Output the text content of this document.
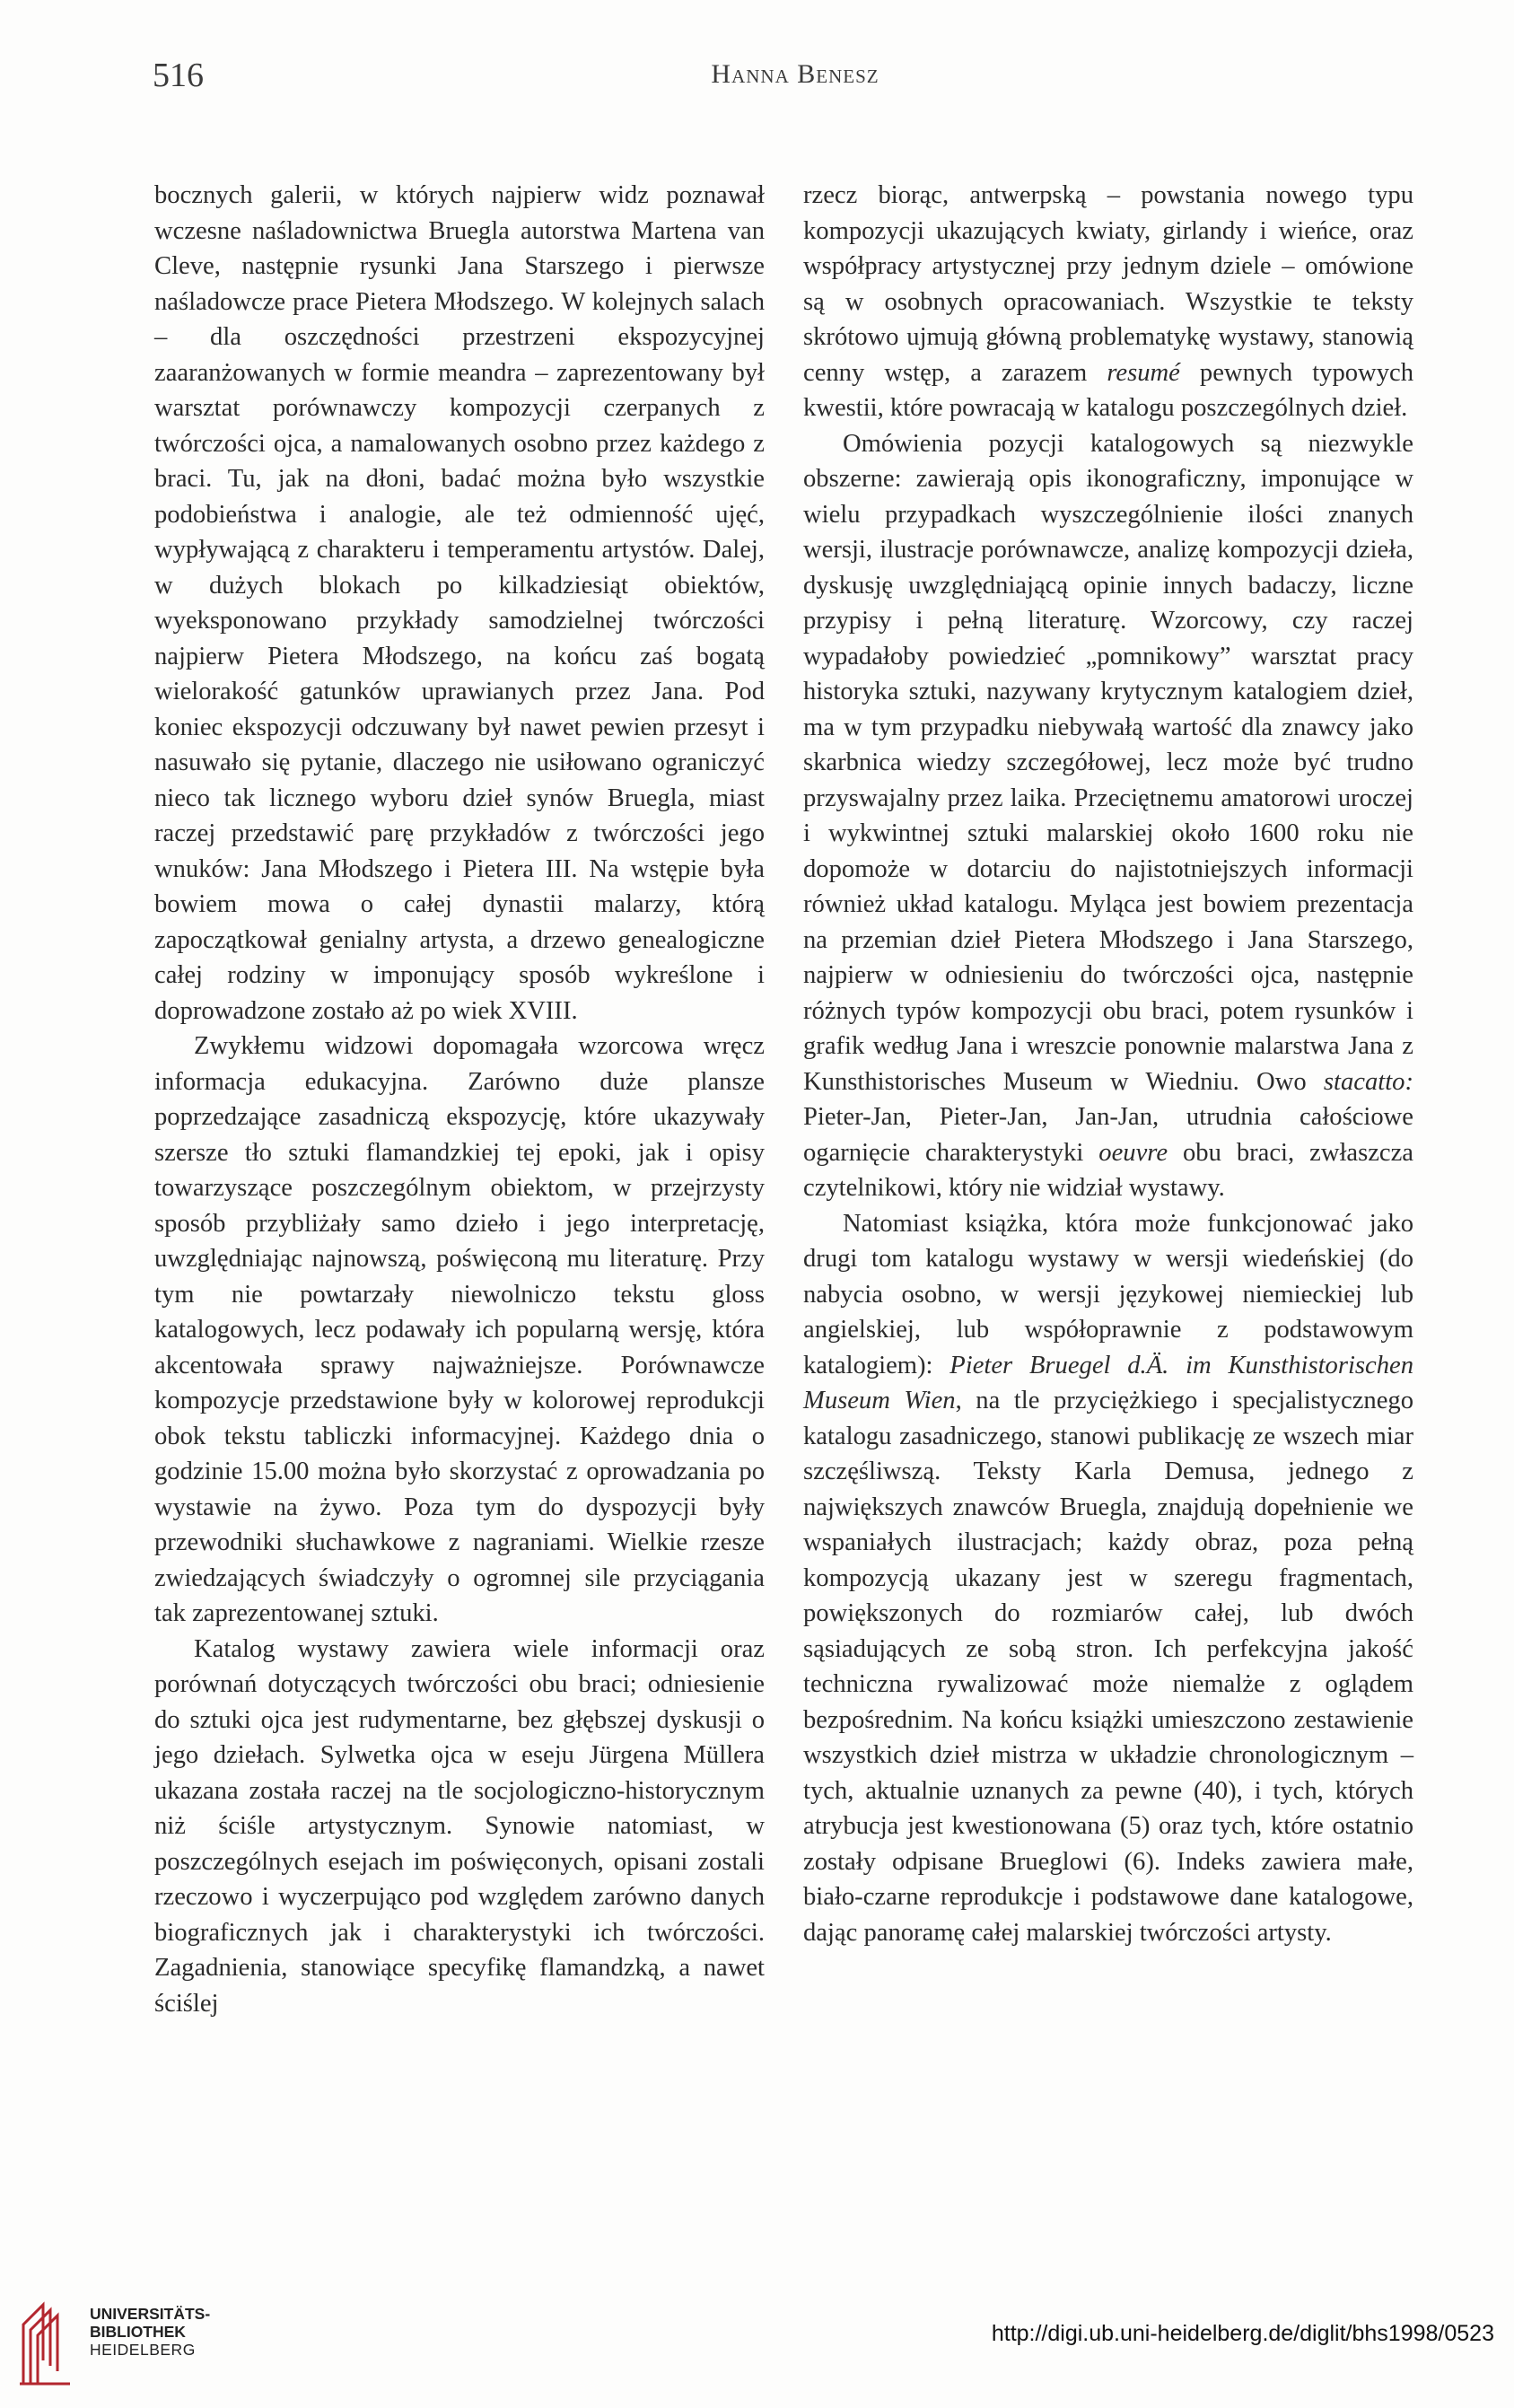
516	Hanna Benesz

bocznych galerii, w których najpierw widz poznawał wczesne naśladownictwa Bruegla autorstwa Martena van Cleve, następnie rysunki Jana Starszego i pierwsze naśladowcze prace Pietera Młodszego. W kolejnych salach – dla oszczędności przestrzeni ekspozycyjnej zaaranżowanych w formie meandra – zaprezentowany był warsztat porównawczy kompozycji czerpanych z twórczości ojca, a namalowanych osobno przez każdego z braci. Tu, jak na dłoni, badać można było wszystkie podobieństwa i analogie, ale też odmienność ujęć, wypływającą z charakteru i temperamentu artystów. Dalej, w dużych blokach po kilkadziesiąt obiektów, wyeksponowano przykłady samodzielnej twórczości najpierw Pietera Młodszego, na końcu zaś bogatą wielorakość gatunków uprawianych przez Jana. Pod koniec ekspozycji odczuwany był nawet pewien przesyt i nasuwało się pytanie, dlaczego nie usiłowano ograniczyć nieco tak licznego wyboru dzieł synów Bruegla, miast raczej przedstawić parę przykładów z twórczości jego wnuków: Jana Młodszego i Pietera III. Na wstępie była bowiem mowa o całej dynastii malarzy, którą zapoczątkował genialny artysta, a drzewo genealogiczne całej rodziny w imponujący sposób wykreślone i doprowadzone zostało aż po wiek XVIII.

Zwykłemu widzowi dopomagała wzorcowa wręcz informacja edukacyjna. Zarówno duże plansze poprzedzające zasadniczą ekspozycję, które ukazywały szersze tło sztuki flamandzkiej tej epoki, jak i opisy towarzyszące poszczególnym obiektom, w przejrzysty sposób przybliżały samo dzieło i jego interpretację, uwzględniając najnowszą, poświęconą mu literaturę. Przy tym nie powtarzały niewolniczo tekstu gloss katalogowych, lecz podawały ich popularną wersję, która akcentowała sprawy najważniejsze. Porównawcze kompozycje przedstawione były w kolorowej reprodukcji obok tekstu tabliczki informacyjnej. Każdego dnia o godzinie 15.00 można było skorzystać z oprowadzania po wystawie na żywo. Poza tym do dyspozycji były przewodniki słuchawkowe z nagraniami. Wielkie rzesze zwiedzających świadczyły o ogromnej sile przyciągania tak zaprezentowanej sztuki.

Katalog wystawy zawiera wiele informacji oraz porównań dotyczących twórczości obu braci; odniesienie do sztuki ojca jest rudymentarne, bez głębszej dyskusji o jego dziełach. Sylwetka ojca w eseju Jürgena Müllera ukazana została raczej na tle socjologiczno-historycznym niż ściśle artystycznym. Synowie natomiast, w poszczególnych esejach im poświęconych, opisani zostali rzeczowo i wyczerpująco pod względem zarówno danych biograficznych jak i charakterystyki ich twórczości. Zagadnienia, stanowiące specyfikę flamandzką, a nawet ściślej

rzecz biorąc, antwerpską – powstania nowego typu kompozycji ukazujących kwiaty, girlandy i wieńce, oraz współpracy artystycznej przy jednym dziele – omówione są w osobnych opracowaniach. Wszystkie te teksty skrótowo ujmują główną problematykę wystawy, stanowią cenny wstęp, a zarazem resumé pewnych typowych kwestii, które powracają w katalogu poszczególnych dzieł.

Omówienia pozycji katalogowych są niezwykle obszerne: zawierają opis ikonograficzny, imponujące w wielu przypadkach wyszczególnienie ilości znanych wersji, ilustracje porównawcze, analizę kompozycji dzieła, dyskusję uwzględniającą opinie innych badaczy, liczne przypisy i pełną literaturę. Wzorcowy, czy raczej wypadałoby powiedzieć „pomnikowy” warsztat pracy historyka sztuki, nazywany krytycznym katalogiem dzieł, ma w tym przypadku niebywałą wartość dla znawcy jako skarbnica wiedzy szczegółowej, lecz może być trudno przyswajalny przez laika. Przeciętnemu amatorowi uroczej i wykwintnej sztuki malarskiej około 1600 roku nie dopomoże w dotarciu do najistotniejszych informacji również układ katalogu. Myląca jest bowiem prezentacja na przemian dzieł Pietera Młodszego i Jana Starszego, najpierw w odniesieniu do twórczości ojca, następnie różnych typów kompozycji obu braci, potem rysunków i grafik według Jana i wreszcie ponownie malarstwa Jana z Kunsthistorisches Museum w Wiedniu. Owo stacatto: Pieter-Jan, Pieter-Jan, Jan-Jan, utrudnia całościowe ogarnięcie charakterystyki oeuvre obu braci, zwłaszcza czytelnikowi, który nie widział wystawy.

Natomiast książka, która może funkcjonować jako drugi tom katalogu wystawy w wersji wiedeńskiej (do nabycia osobno, w wersji językowej niemieckiej lub angielskiej, lub współoprawnie z podstawowym katalogiem): Pieter Bruegel d.Ä. im Kunsthistorischen Museum Wien, na tle przyciężkiego i specjalistycznego katalogu zasadniczego, stanowi publikację ze wszech miar szczęśliwszą. Teksty Karla Demusa, jednego z największych znawców Bruegla, znajdują dopełnienie we wspaniałych ilustracjach; każdy obraz, poza pełną kompozycją ukazany jest w szeregu fragmentach, powiększonych do rozmiarów całej, lub dwóch sąsiadujących ze sobą stron. Ich perfekcyjna jakość techniczna rywalizować może niemalże z oglądem bezpośrednim. Na końcu książki umieszczono zestawienie wszystkich dzieł mistrza w układzie chronologicznym – tych, aktualnie uznanych za pewne (40), i tych, których atrybucja jest kwestionowana (5) oraz tych, które ostatnio zostały odpisane Brueglowi (6). Indeks zawiera małe, biało-czarne reprodukcje i podstawowe dane katalogowe, dając panoramę całej malarskiej twórczości artysty.

UNIVERSITÄTS-
BIBLIOTHEK
HEIDELBERG
http://digi.ub.uni-heidelberg.de/diglit/bhs1998/0523
